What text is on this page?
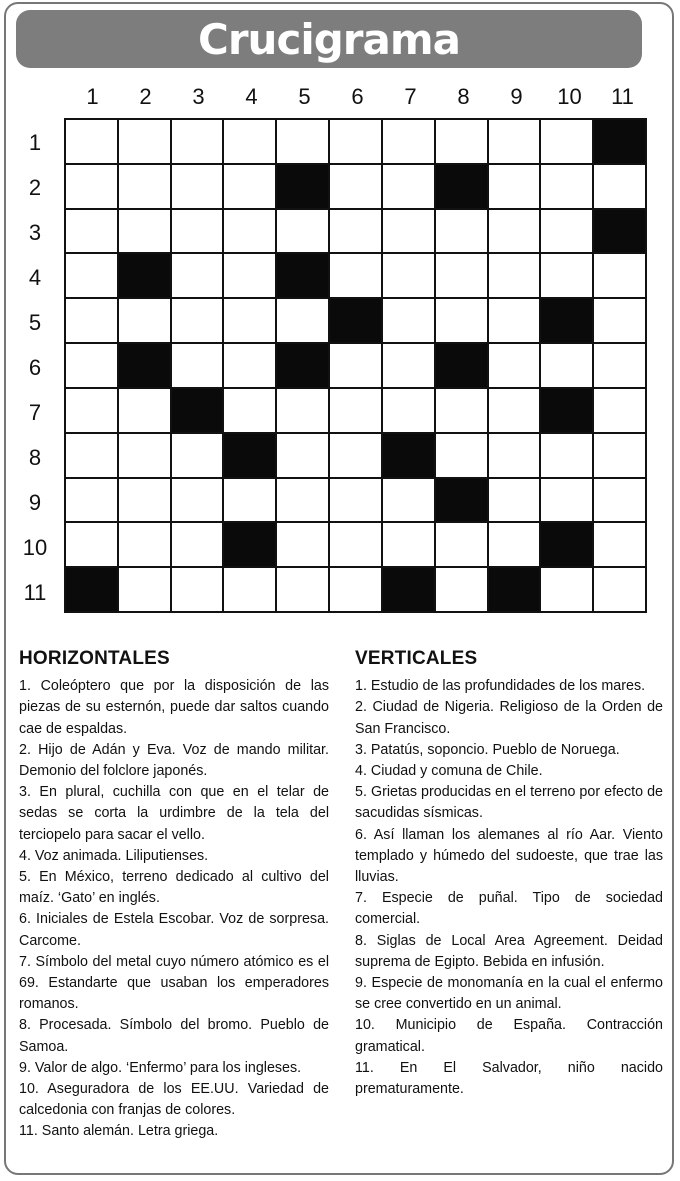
Crucigrama
1	2	3	4	5	6	7	8	9	10	11
1
2
3
4
5
6
7
8
9
10
11
HORIZONTALES

1. Coleóptero que por la disposición de las piezas de su esternón, puede dar saltos cuando cae de espaldas.

2. Hijo de Adán y Eva. Voz de mando militar. Demonio del folclore japonés.

3. En plural, cuchilla con que en el telar de sedas se corta la urdimbre de la tela del terciopelo para sacar el vello.

4. Voz animada. Liliputienses.

5. En México, terreno dedicado al cultivo del maíz. ‘Gato’ en inglés.

6. Iniciales de Estela Escobar. Voz de sorpresa. Carcome.

7. Símbolo del metal cuyo número atómico es el 69. Estandarte que usaban los emperadores romanos.

8. Procesada. Símbolo del bromo. Pueblo de Samoa.

9. Valor de algo. ‘Enfermo’ para los ingleses.

10. Aseguradora de los EE.UU. Variedad de calcedonia con franjas de colores.

11. Santo alemán. Letra griega.

VERTICALES

1. Estudio de las profundidades de los mares.

2. Ciudad de Nigeria. Religioso de la Orden de San Francisco.

3. Patatús, soponcio. Pueblo de Noruega.

4. Ciudad y comuna de Chile.

5. Grietas producidas en el terreno por efecto de sacudidas sísmicas.

6. Así llaman los alemanes al río Aar. Viento templado y húmedo del sudoeste, que trae las lluvias.

7. Especie de puñal. Tipo de sociedad comercial.

8. Siglas de Local Area Agreement. Deidad suprema de Egipto. Bebida en infusión.

9. Especie de monomanía en la cual el enfermo se cree convertido en un animal.

10. Municipio de España. Contracción gramatical.

11. En El Salvador, niño nacido prematuramente.
